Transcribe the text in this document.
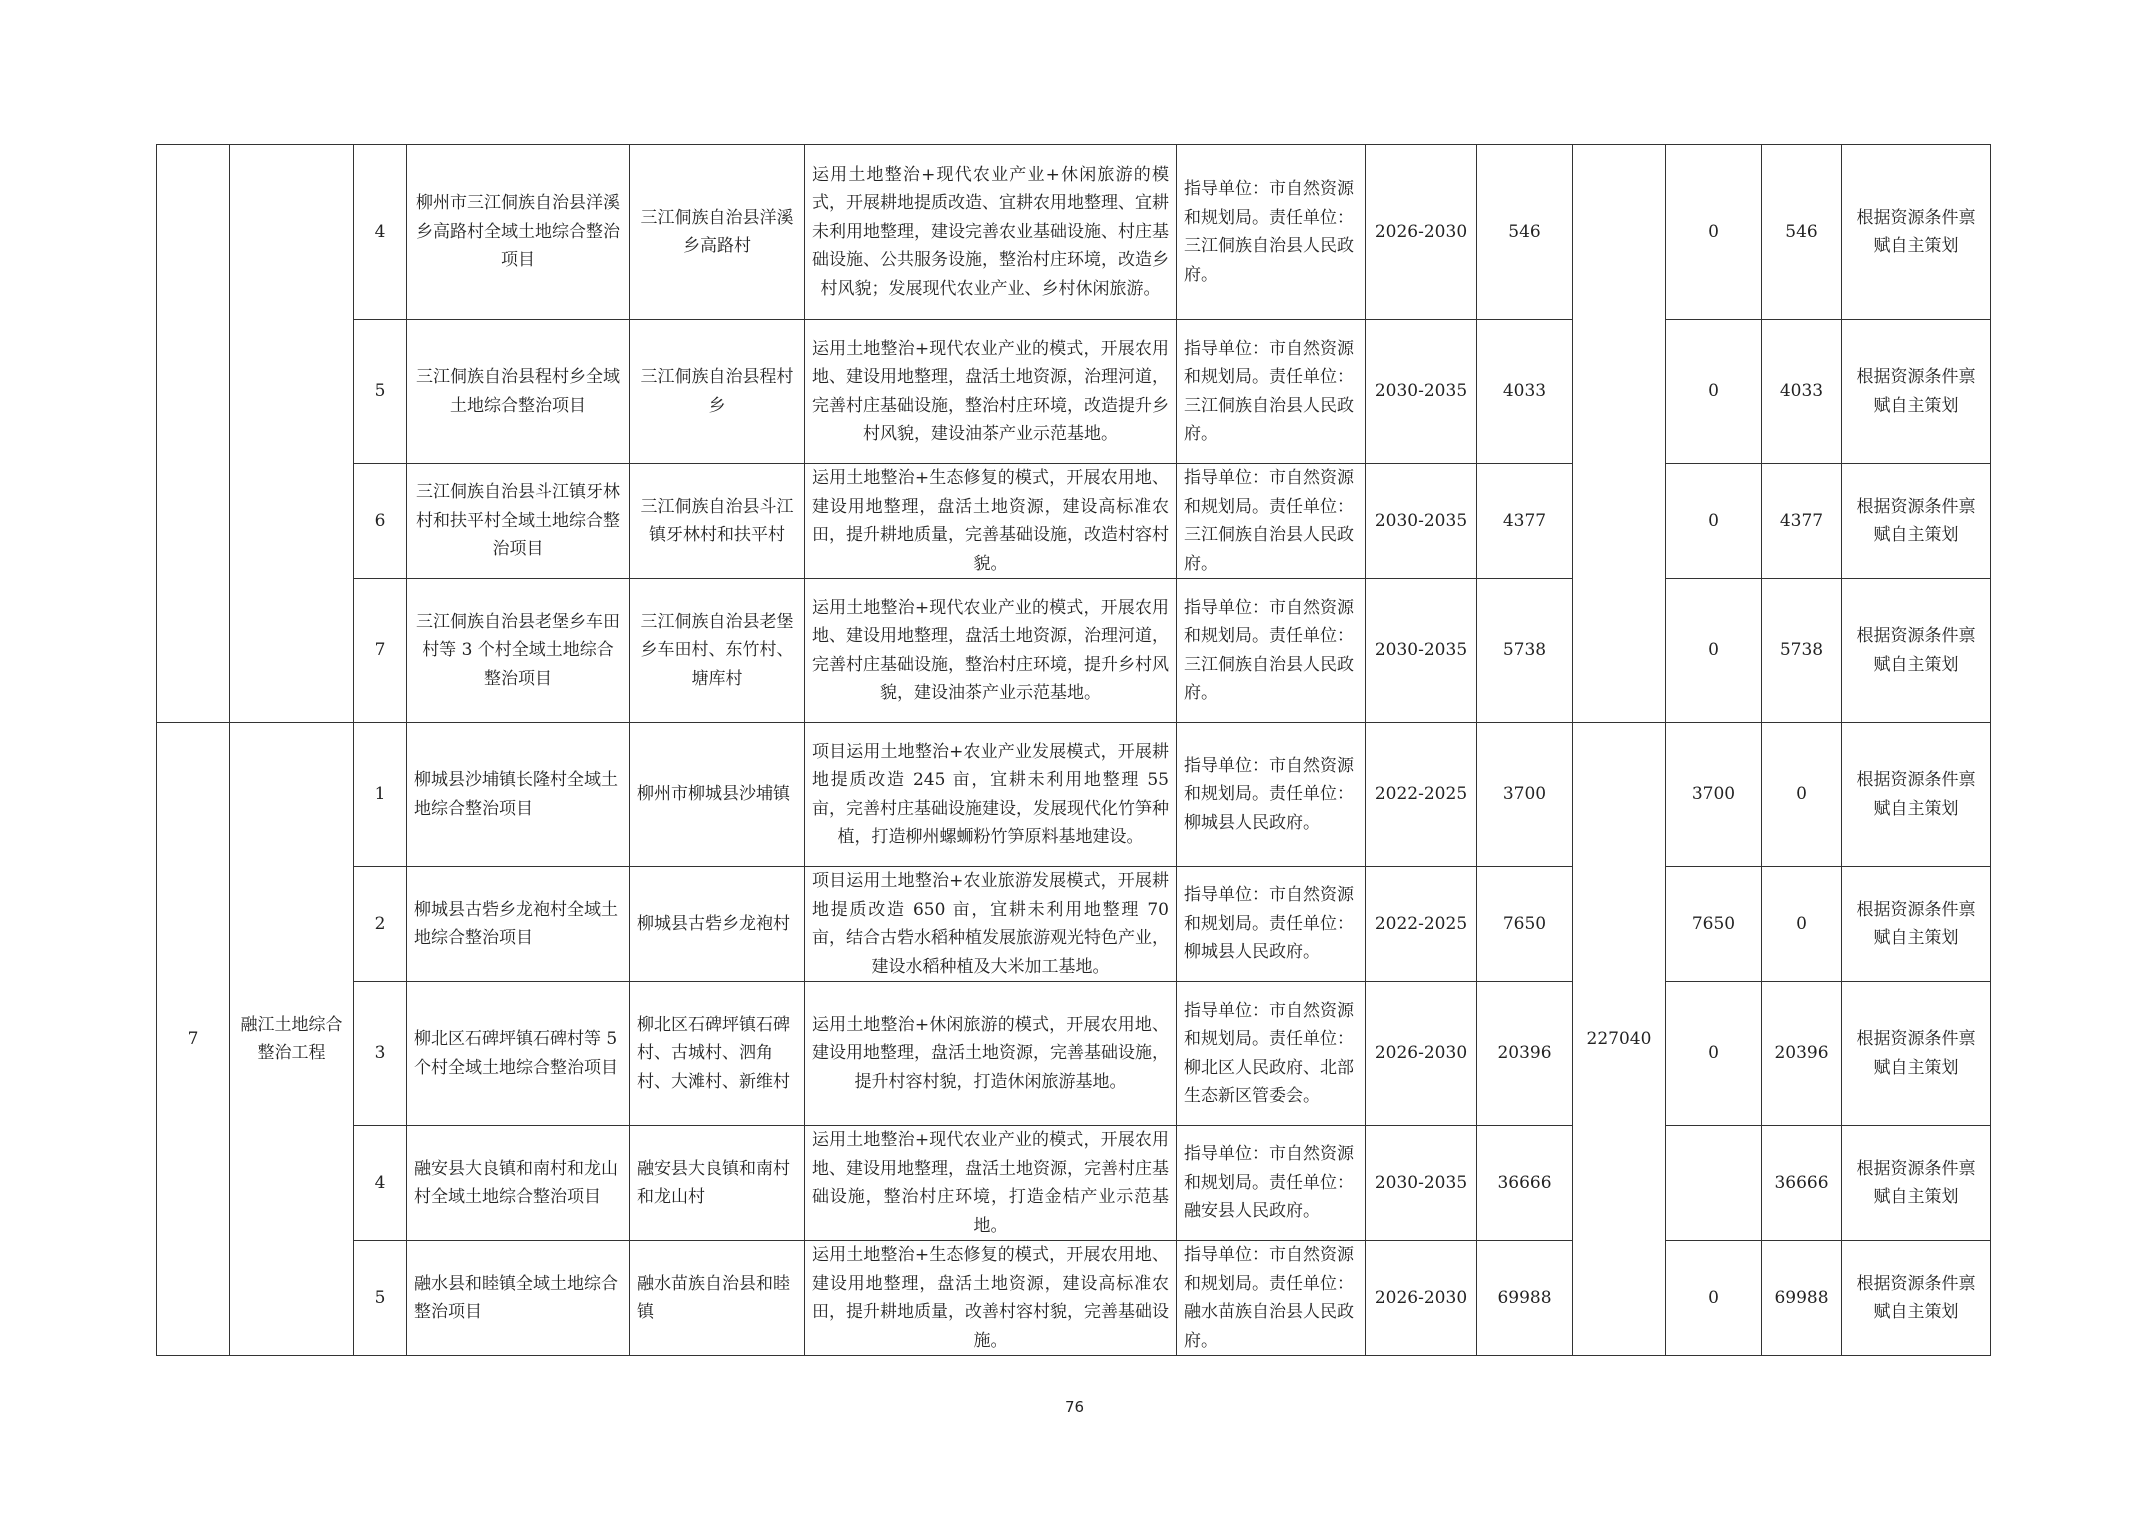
		4	柳州市三江侗族自治县洋溪乡高路村全域土地综合整治项目	三江侗族自治县洋溪乡高路村	运用土地整治+现代农业产业+休闲旅游的模式，开展耕地提质改造、宜耕农用地整理、宜耕未利用地整理，建设完善农业基础设施、村庄基础设施、公共服务设施，整治村庄环境，改造乡村风貌；发展现代农业产业、乡村休闲旅游。	指导单位：市自然资源和规划局。责任单位：三江侗族自治县人民政府。	2026-2030	546		0	546	根据资源条件禀赋自主策划
		5	三江侗族自治县程村乡全域土地综合整治项目	三江侗族自治县程村乡	运用土地整治+现代农业产业的模式，开展农用地、建设用地整理，盘活土地资源，治理河道，完善村庄基础设施，整治村庄环境，改造提升乡村风貌，建设油茶产业示范基地。	指导单位：市自然资源和规划局。责任单位：三江侗族自治县人民政府。	2030-2035	4033		0	4033	根据资源条件禀赋自主策划
		6	三江侗族自治县斗江镇牙林村和扶平村全域土地综合整治项目	三江侗族自治县斗江镇牙林村和扶平村	运用土地整治+生态修复的模式，开展农用地、建设用地整理，盘活土地资源，建设高标准农田，提升耕地质量，完善基础设施，改造村容村貌。	指导单位：市自然资源和规划局。责任单位：三江侗族自治县人民政府。	2030-2035	4377		0	4377	根据资源条件禀赋自主策划
		7	三江侗族自治县老堡乡车田村等 3 个村全域土地综合整治项目	三江侗族自治县老堡乡车田村、东竹村、塘库村	运用土地整治+现代农业产业的模式，开展农用地、建设用地整理，盘活土地资源，治理河道，完善村庄基础设施，整治村庄环境，提升乡村风貌，建设油茶产业示范基地。	指导单位：市自然资源和规划局。责任单位：三江侗族自治县人民政府。	2030-2035	5738		0	5738	根据资源条件禀赋自主策划
7	融江土地综合整治工程	1	柳城县沙埔镇长隆村全域土地综合整治项目	柳州市柳城县沙埔镇	项目运用土地整治+农业产业发展模式，开展耕地提质改造 245 亩，宜耕未利用地整理 55 亩，完善村庄基础设施建设，发展现代化竹笋种植，打造柳州螺蛳粉竹笋原料基地建设。	指导单位：市自然资源和规划局。责任单位：柳城县人民政府。	2022-2025	3700	227040	3700	0	根据资源条件禀赋自主策划
		2	柳城县古砦乡龙袍村全域土地综合整治项目	柳城县古砦乡龙袍村	项目运用土地整治+农业旅游发展模式，开展耕地提质改造 650 亩，宜耕未利用地整理 70 亩，结合古砦水稻种植发展旅游观光特色产业，建设水稻种植及大米加工基地。	指导单位：市自然资源和规划局。责任单位：柳城县人民政府。	2022-2025	7650		7650	0	根据资源条件禀赋自主策划
		3	柳北区石碑坪镇石碑村等 5 个村全域土地综合整治项目	柳北区石碑坪镇石碑村、古城村、泗角村、大滩村、新维村	运用土地整治+休闲旅游的模式，开展农用地、建设用地整理，盘活土地资源，完善基础设施，提升村容村貌，打造休闲旅游基地。	指导单位：市自然资源和规划局。责任单位：柳北区人民政府、北部生态新区管委会。	2026-2030	20396		0	20396	根据资源条件禀赋自主策划
		4	融安县大良镇和南村和龙山村全域土地综合整治项目	融安县大良镇和南村和龙山村	运用土地整治+现代农业产业的模式，开展农用地、建设用地整理，盘活土地资源，完善村庄基础设施，整治村庄环境，打造金桔产业示范基地。	指导单位：市自然资源和规划局。责任单位：融安县人民政府。	2030-2035	36666			36666	根据资源条件禀赋自主策划
		5	融水县和睦镇全域土地综合整治项目	融水苗族自治县和睦镇	运用土地整治+生态修复的模式，开展农用地、建设用地整理，盘活土地资源，建设高标准农田，提升耕地质量，改善村容村貌，完善基础设施。	指导单位：市自然资源和规划局。责任单位：融水苗族自治县人民政府。	2026-2030	69988		0	69988	根据资源条件禀赋自主策划
76
